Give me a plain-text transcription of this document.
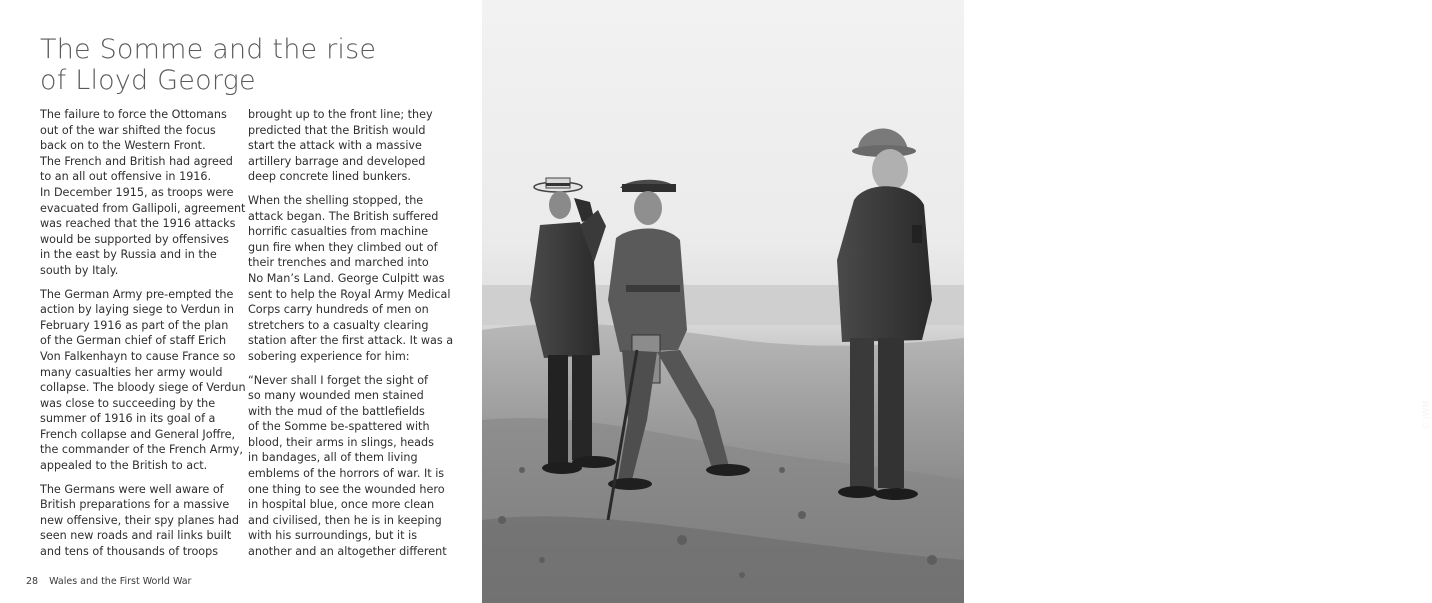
The Somme and the rise
of Lloyd George

The failure to force the Ottomans
out of the war shifted the focus
back on to the Western Front.
The French and British had agreed
to an all out offensive in 1916.
In December 1915, as troops were
evacuated from Gallipoli, agreement
was reached that the 1916 attacks
would be supported by offensives
in the east by Russia and in the
south by Italy.

The German Army pre-empted the
action by laying siege to Verdun in
February 1916 as part of the plan
of the German chief of staff Erich
Von Falkenhayn to cause France so
many casualties her army would
collapse. The bloody siege of Verdun
was close to succeeding by the
summer of 1916 in its goal of a
French collapse and General Joffre,
the commander of the French Army,
appealed to the British to act.

The Germans were well aware of
British preparations for a massive
new offensive, their spy planes had
seen new roads and rail links built
and tens of thousands of troops

brought up to the front line; they
predicted that the British would
start the attack with a massive
artillery barrage and developed
deep concrete lined bunkers.

When the shelling stopped, the
attack began. The British suffered
horrific casualties from machine
gun fire when they climbed out of
their trenches and marched into
No Man’s Land. George Culpitt was
sent to help the Royal Army Medical
Corps carry hundreds of men on
stretchers to a casualty clearing
station after the first attack. It was a
sobering experience for him:

“Never shall I forget the sight of
so many wounded men stained
with the mud of the battlefields
of the Somme be-spattered with
blood, their arms in slings, heads
in bandages, all of them living
emblems of the horrors of war. It is
one thing to see the wounded hero
in hospital blue, once more clean
and civilised, then he is in keeping
with his surroundings, but it is
another and an altogether different

28 Wales and the First World War
© IWM
